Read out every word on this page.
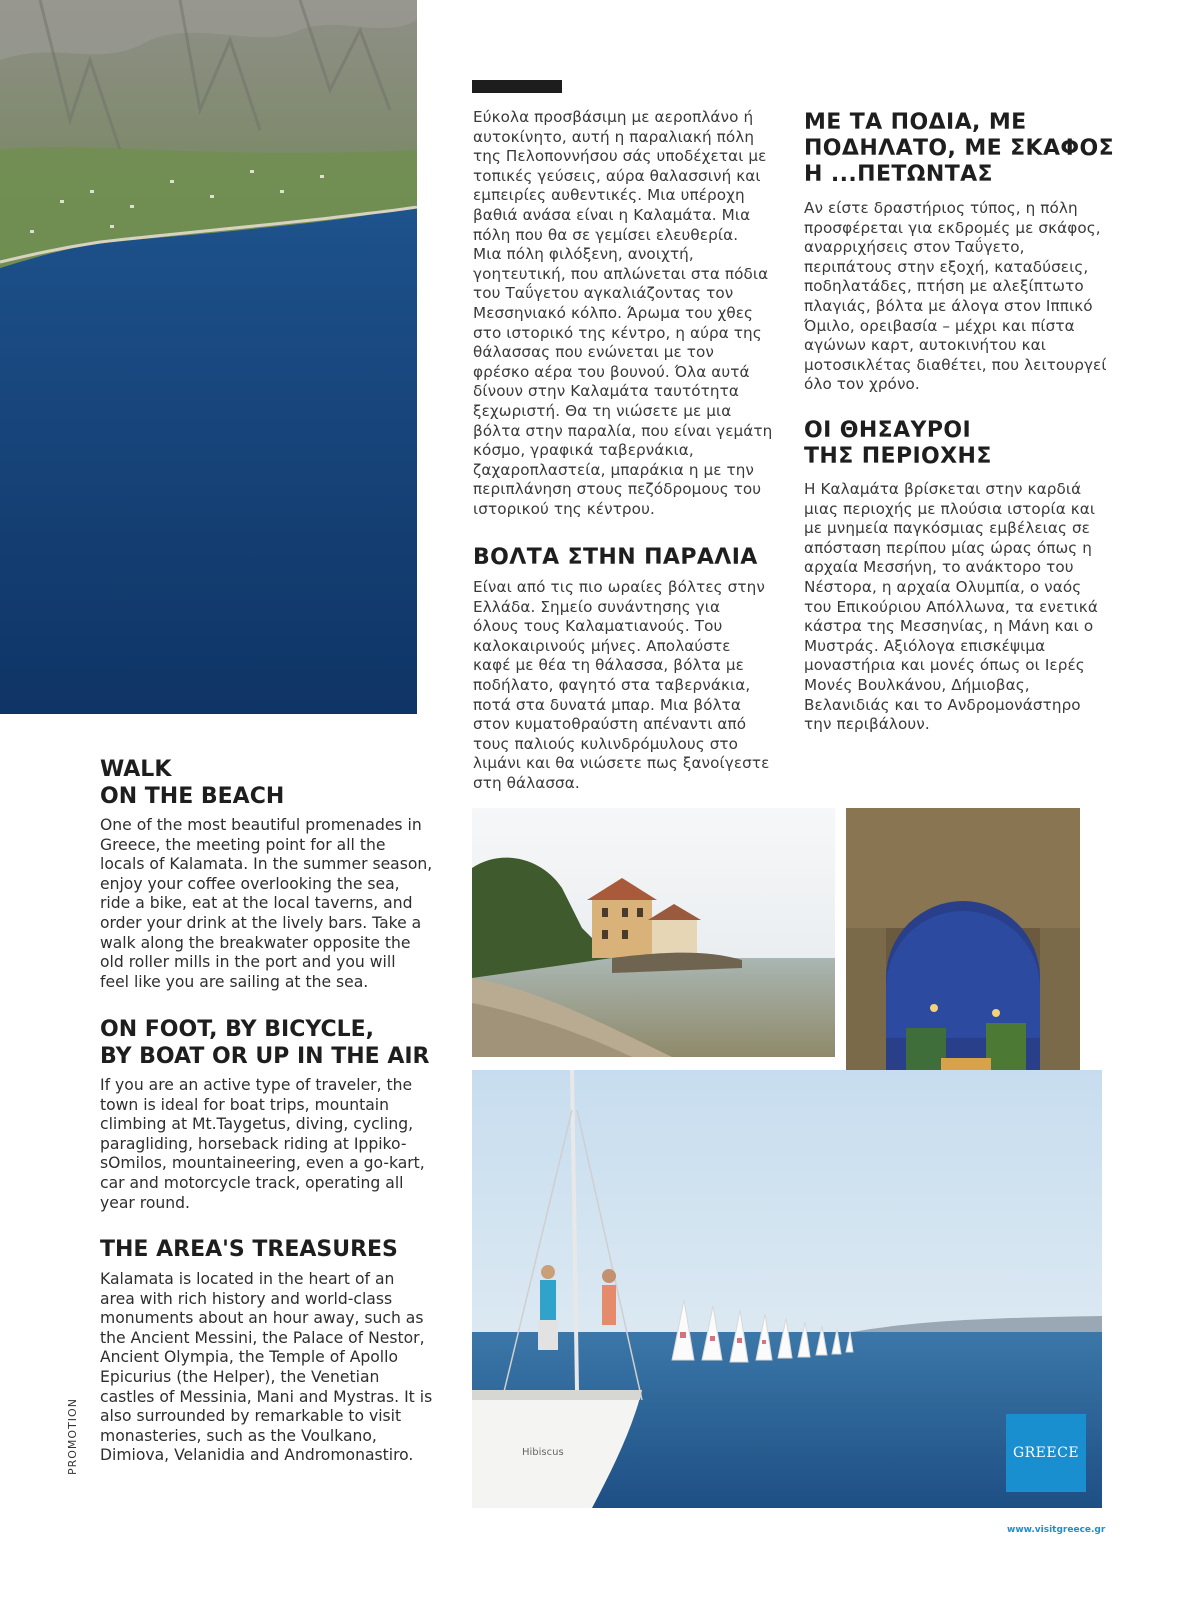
Εύκολα προσβάσιμη με αεροπλάνο ή
αυτοκίνητο, αυτή η παραλιακή πόλη
της Πελοποννήσου σάς υποδέχεται με
τοπικές γεύσεις, αύρα θαλασσινή και
εμπειρίες αυθεντικές. Μια υπέροχη
βαθιά ανάσα είναι η Καλαμάτα. Μια
πόλη που θα σε γεμίσει ελευθερία.
Μια πόλη φιλόξενη, ανοιχτή,
γοητευτική, που απλώνεται στα πόδια
του Ταΰγετου αγκαλιάζοντας τον
Μεσσηνιακό κόλπο. Άρωμα του χθες
στο ιστορικό της κέντρο, η αύρα της
θάλασσας που ενώνεται με τον
φρέσκο αέρα του βουνού. Όλα αυτά
δίνουν στην Καλαμάτα ταυτότητα
ξεχωριστή. Θα τη νιώσετε με μια
βόλτα στην παραλία, που είναι γεμάτη
κόσμο, γραφικά ταβερνάκια,
ζαχαροπλαστεία, μπαράκια η με την
περιπλάνηση στους πεζόδρομους του
ιστορικού της κέντρου.
ΒΟΛΤΑ ΣΤΗΝ ΠΑΡΑΛΙΑ
Είναι από τις πιο ωραίες βόλτες στην
Ελλάδα. Σημείο συνάντησης για
όλους τους Καλαματιανούς. Του
καλοκαιρινούς μήνες. Απολαύστε
καφέ με θέα τη θάλασσα, βόλτα με
ποδήλατο, φαγητό στα ταβερνάκια,
ποτά στα δυνατά μπαρ. Μια βόλτα
στον κυματοθραύστη απέναντι από
τους παλιούς κυλινδρόμυλους στο
λιμάνι και θα νιώσετε πως ξανοίγεστε
στη θάλασσα.
ΜΕ ΤΑ ΠΟΔΙΑ, ΜΕ
ΠΟΔΗΛΑΤΟ, ΜΕ ΣΚΑΦΟΣ
Η ...ΠΕΤΩΝΤΑΣ
Αν είστε δραστήριος τύπος, η πόλη
προσφέρεται για εκδρομές με σκάφος,
αναρριχήσεις στον Ταΰγετο,
περιπάτους στην εξοχή, καταδύσεις,
ποδηλατάδες, πτήση με αλεξίπτωτο
πλαγιάς, βόλτα με άλογα στον Ιππικό
Όμιλο, ορειβασία – μέχρι και πίστα
αγώνων καρτ, αυτοκινήτου και
μοτοσικλέτας διαθέτει, που λειτουργεί
όλο τον χρόνο.
ΟΙ ΘΗΣΑΥΡΟΙ
ΤΗΣ ΠΕΡΙΟΧΗΣ
Η Καλαμάτα βρίσκεται στην καρδιά
μιας περιοχής με πλούσια ιστορία και
με μνημεία παγκόσμιας εμβέλειας σε
απόσταση περίπου μίας ώρας όπως η
αρχαία Μεσσήνη, το ανάκτορο του
Νέστορα, η αρχαία Ολυμπία, ο ναός
του Επικούριου Απόλλωνα, τα ενετικά
κάστρα της Μεσσηνίας, η Μάνη και ο
Μυστράς. Αξιόλογα επισκέψιμα
μοναστήρια και μονές όπως οι Ιερές
Μονές Βουλκάνου, Δήμιοβας,
Βελανιδιάς και το Ανδρομονάστηρο
την περιβάλουν.
WALK
ON THE BEACH
One of the most beautiful promenades in
Greece, the meeting point for all the
locals of Kalamata. In the summer season,
enjoy your coffee overlooking the sea,
ride a bike, eat at the local taverns, and
order your drink at the lively bars. Take a
walk along the breakwater opposite the
old roller mills in the port and you will
feel like you are sailing at the sea.
ON FOOT, BY BICYCLE,
BY BOAT OR UP IN THE AIR
If you are an active type of traveler, the
town is ideal for boat trips, mountain
climbing at Mt.Taygetus, diving, cycling,
paragliding, horseback riding at Ippiko-
sOmilos, mountaineering, even a go-kart,
car and motorcycle track, operating all
year round.
THE AREA'S TREASURES
Kalamata is located in the heart of an
area with rich history and world-class
monuments about an hour away, such as
the Ancient Messini, the Palace of Nestor,
Ancient Olympia, the Temple of Apollo
Epicurius (the Helper), the Venetian
castles of Messinia, Mani and Mystras. It is
also surrounded by remarkable to visit
monasteries, such as the Voulkano,
Dimiova, Velanidia and Andromonastiro.
PROMOTION	Hibiscus	GREECE
www.visitgreece.gr
